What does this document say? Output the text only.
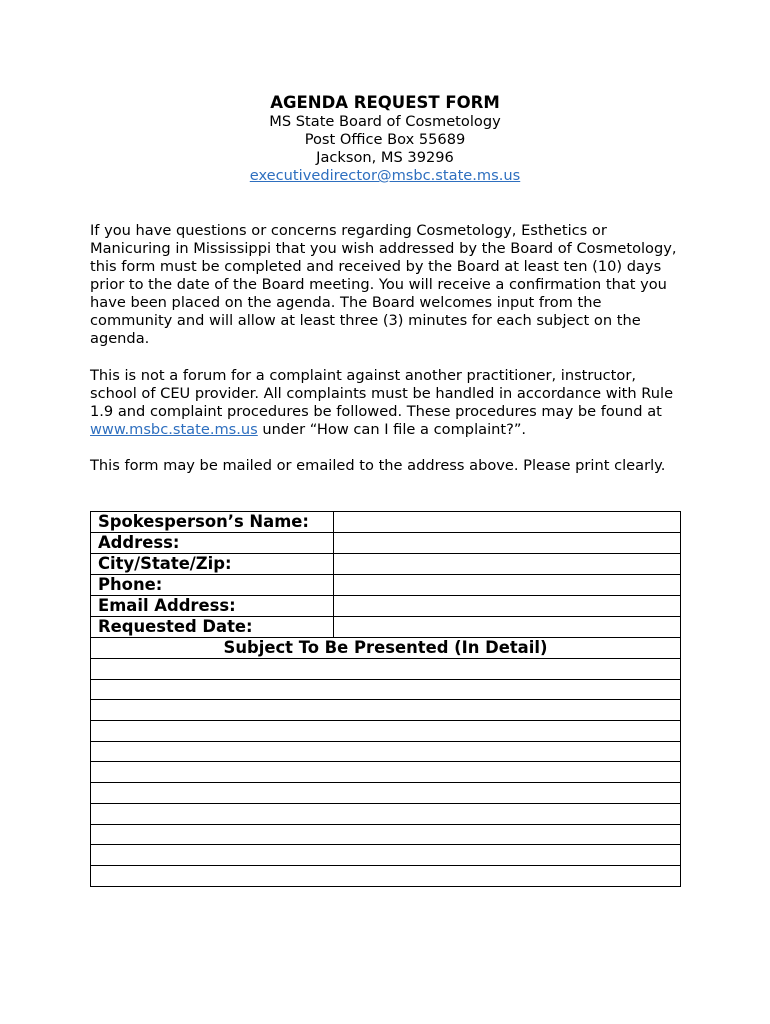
AGENDA REQUEST FORM

MS State Board of Cosmetology

Post Office Box 55689

Jackson, MS 39296

executivedirector@msbc.state.ms.us

If you have questions or concerns regarding Cosmetology, Esthetics or Manicuring in Mississippi that you wish addressed by the Board of Cosmetology, this form must be completed and received by the Board at least ten (10) days prior to the date of the Board meeting. You will receive a confirmation that you have been placed on the agenda. The Board welcomes input from the community and will allow at least three (3) minutes for each subject on the agenda.

This is not a forum for a complaint against another practitioner, instructor, school of CEU provider. All complaints must be handled in accordance with Rule 1.9 and complaint procedures be followed. These procedures may be found at www.msbc.state.ms.us under “How can I file a complaint?”.

This form may be mailed or emailed to the address above. Please print clearly.

Spokesperson’s Name:	
Address:	
City/State/Zip:	
Phone:	
Email Address:	
Requested Date:	
Subject To Be Presented (In Detail)	
